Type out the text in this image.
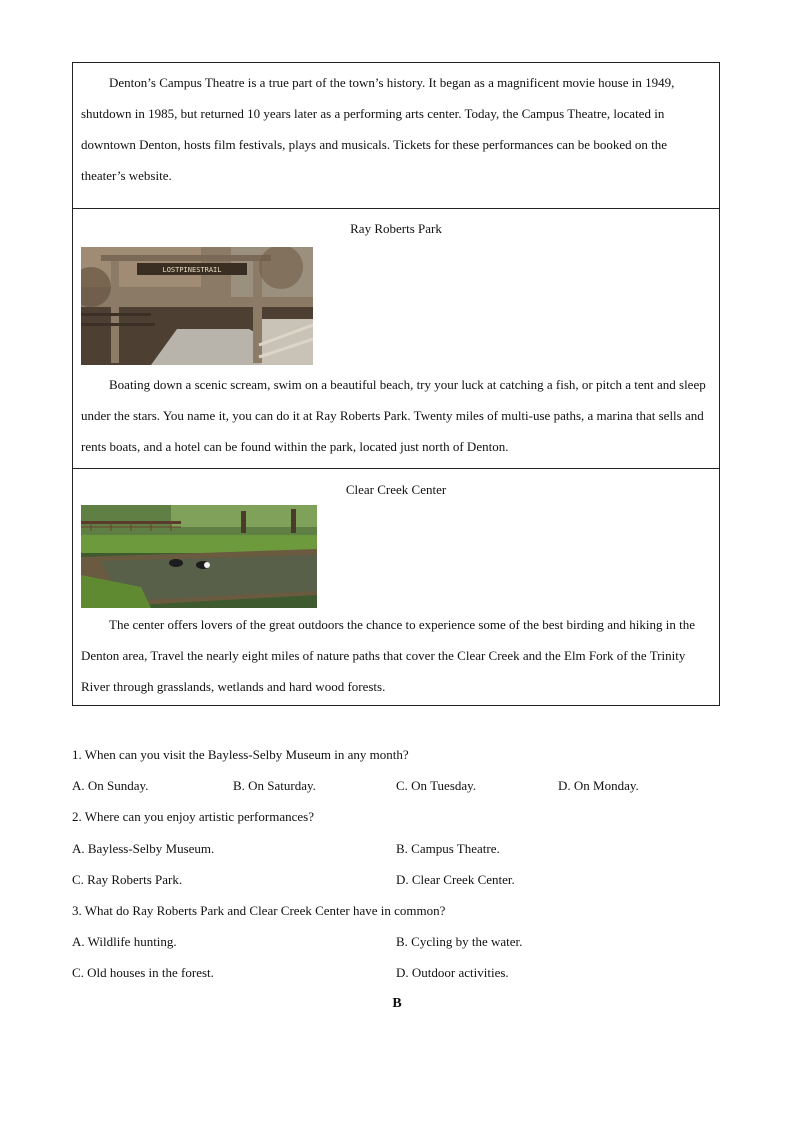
Denton’s Campus Theatre is a true part of the town’s history. It began as a magnificent movie house in 1949,

shutdown in 1985, but returned 10 years later as a performing arts center. Today, the Campus Theatre, located in downtown Denton, hosts film festivals, plays and musicals. Tickets for these performances can be booked on the theater’s website.

Ray Roberts Park
LOSTPINESTRAIL

Boating down a scenic scream, swim on a beautiful beach, try your luck at catching a fish, or pitch a tent and sleep under the stars. You name it, you can do it at Ray Roberts Park. Twenty miles of multi-use paths, a marina that sells and rents boats, and a hotel can be found within the park, located just north of Denton.

Clear Creek Center

The center offers lovers of the great outdoors the chance to experience some of the best birding and hiking in the Denton area, Travel the nearly eight miles of nature paths that cover the Clear Creek and the Elm Fork of the Trinity River through grasslands, wetlands and hard wood forests.

1. When can you visit the Bayless-Selby Museum in any month?
A. On Sunday.	B. On Saturday.	C. On Tuesday.	D. On Monday.
2. Where can you enjoy artistic performances?
A. Bayless-Selby Museum.	B. Campus Theatre.
C. Ray Roberts Park.	D. Clear Creek Center.
3. What do Ray Roberts Park and Clear Creek Center have in common?
A. Wildlife hunting.	B. Cycling by the water.
C. Old houses in the forest.	D. Outdoor activities.
B
